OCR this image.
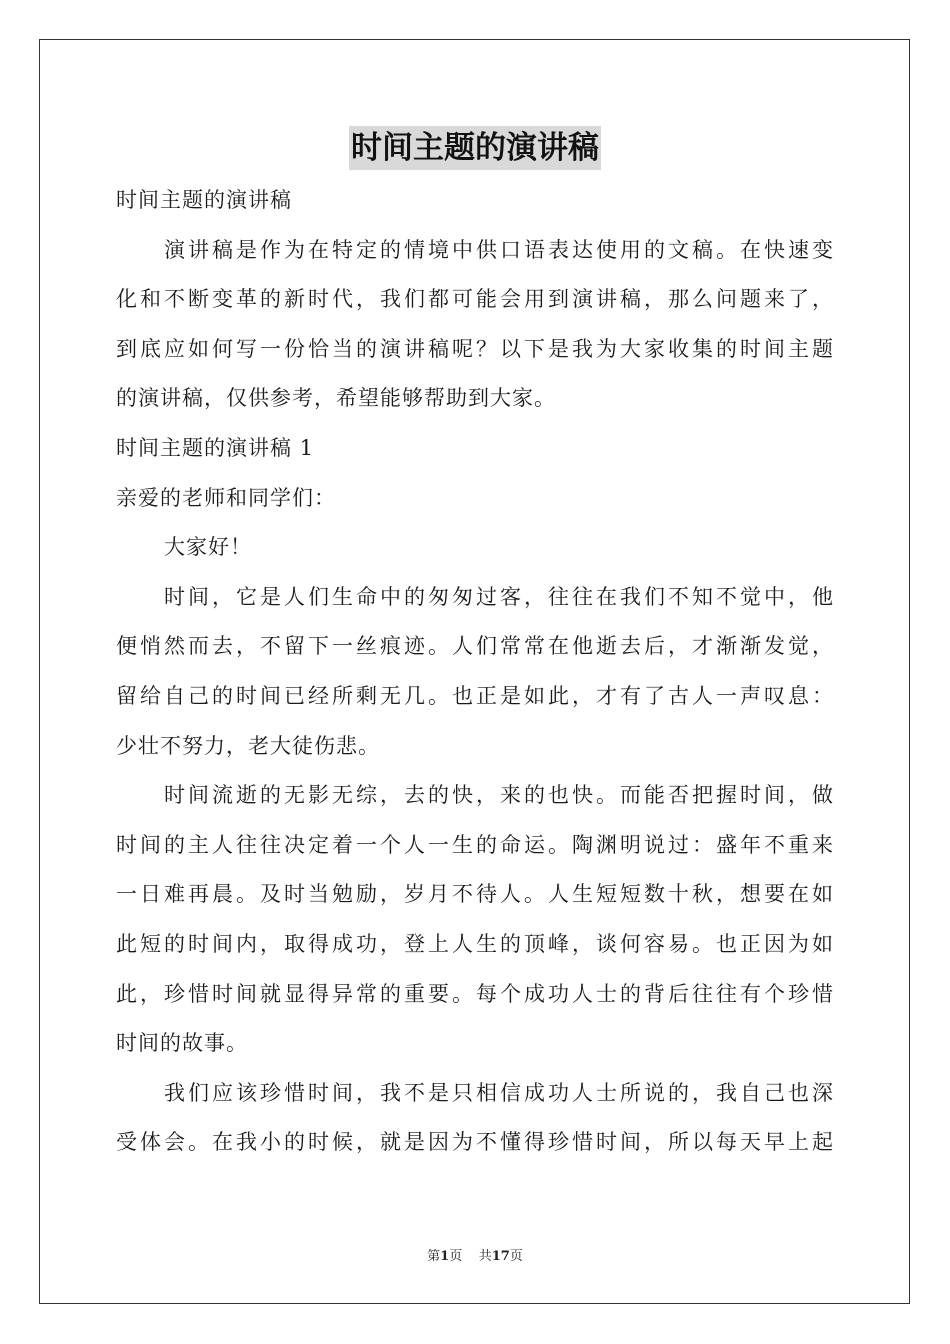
时间主题的演讲稿
时间主题的演讲稿
演讲稿是作为在特定的情境中供口语表达使用的文稿。在快速变
化和不断变革的新时代，我们都可能会用到演讲稿，那么问题来了，
到底应如何写一份恰当的演讲稿呢？以下是我为大家收集的时间主题
的演讲稿，仅供参考，希望能够帮助到大家。
时间主题的演讲稿 1
亲爱的老师和同学们：
大家好！
时间，它是人们生命中的匆匆过客，往往在我们不知不觉中，他
便悄然而去，不留下一丝痕迹。人们常常在他逝去后，才渐渐发觉，
留给自己的时间已经所剩无几。也正是如此，才有了古人一声叹息：
少壮不努力，老大徒伤悲。
时间流逝的无影无综，去的快，来的也快。而能否把握时间，做
时间的主人往往决定着一个人一生的命运。陶渊明说过：盛年不重来
一日难再晨。及时当勉励，岁月不待人。人生短短数十秋，想要在如
此短的时间内，取得成功，登上人生的顶峰，谈何容易。也正因为如
此，珍惜时间就显得异常的重要。每个成功人士的背后往往有个珍惜
时间的故事。
我们应该珍惜时间，我不是只相信成功人士所说的，我自己也深
受体会。在我小的时候，就是因为不懂得珍惜时间，所以每天早上起
第1页 共17页
